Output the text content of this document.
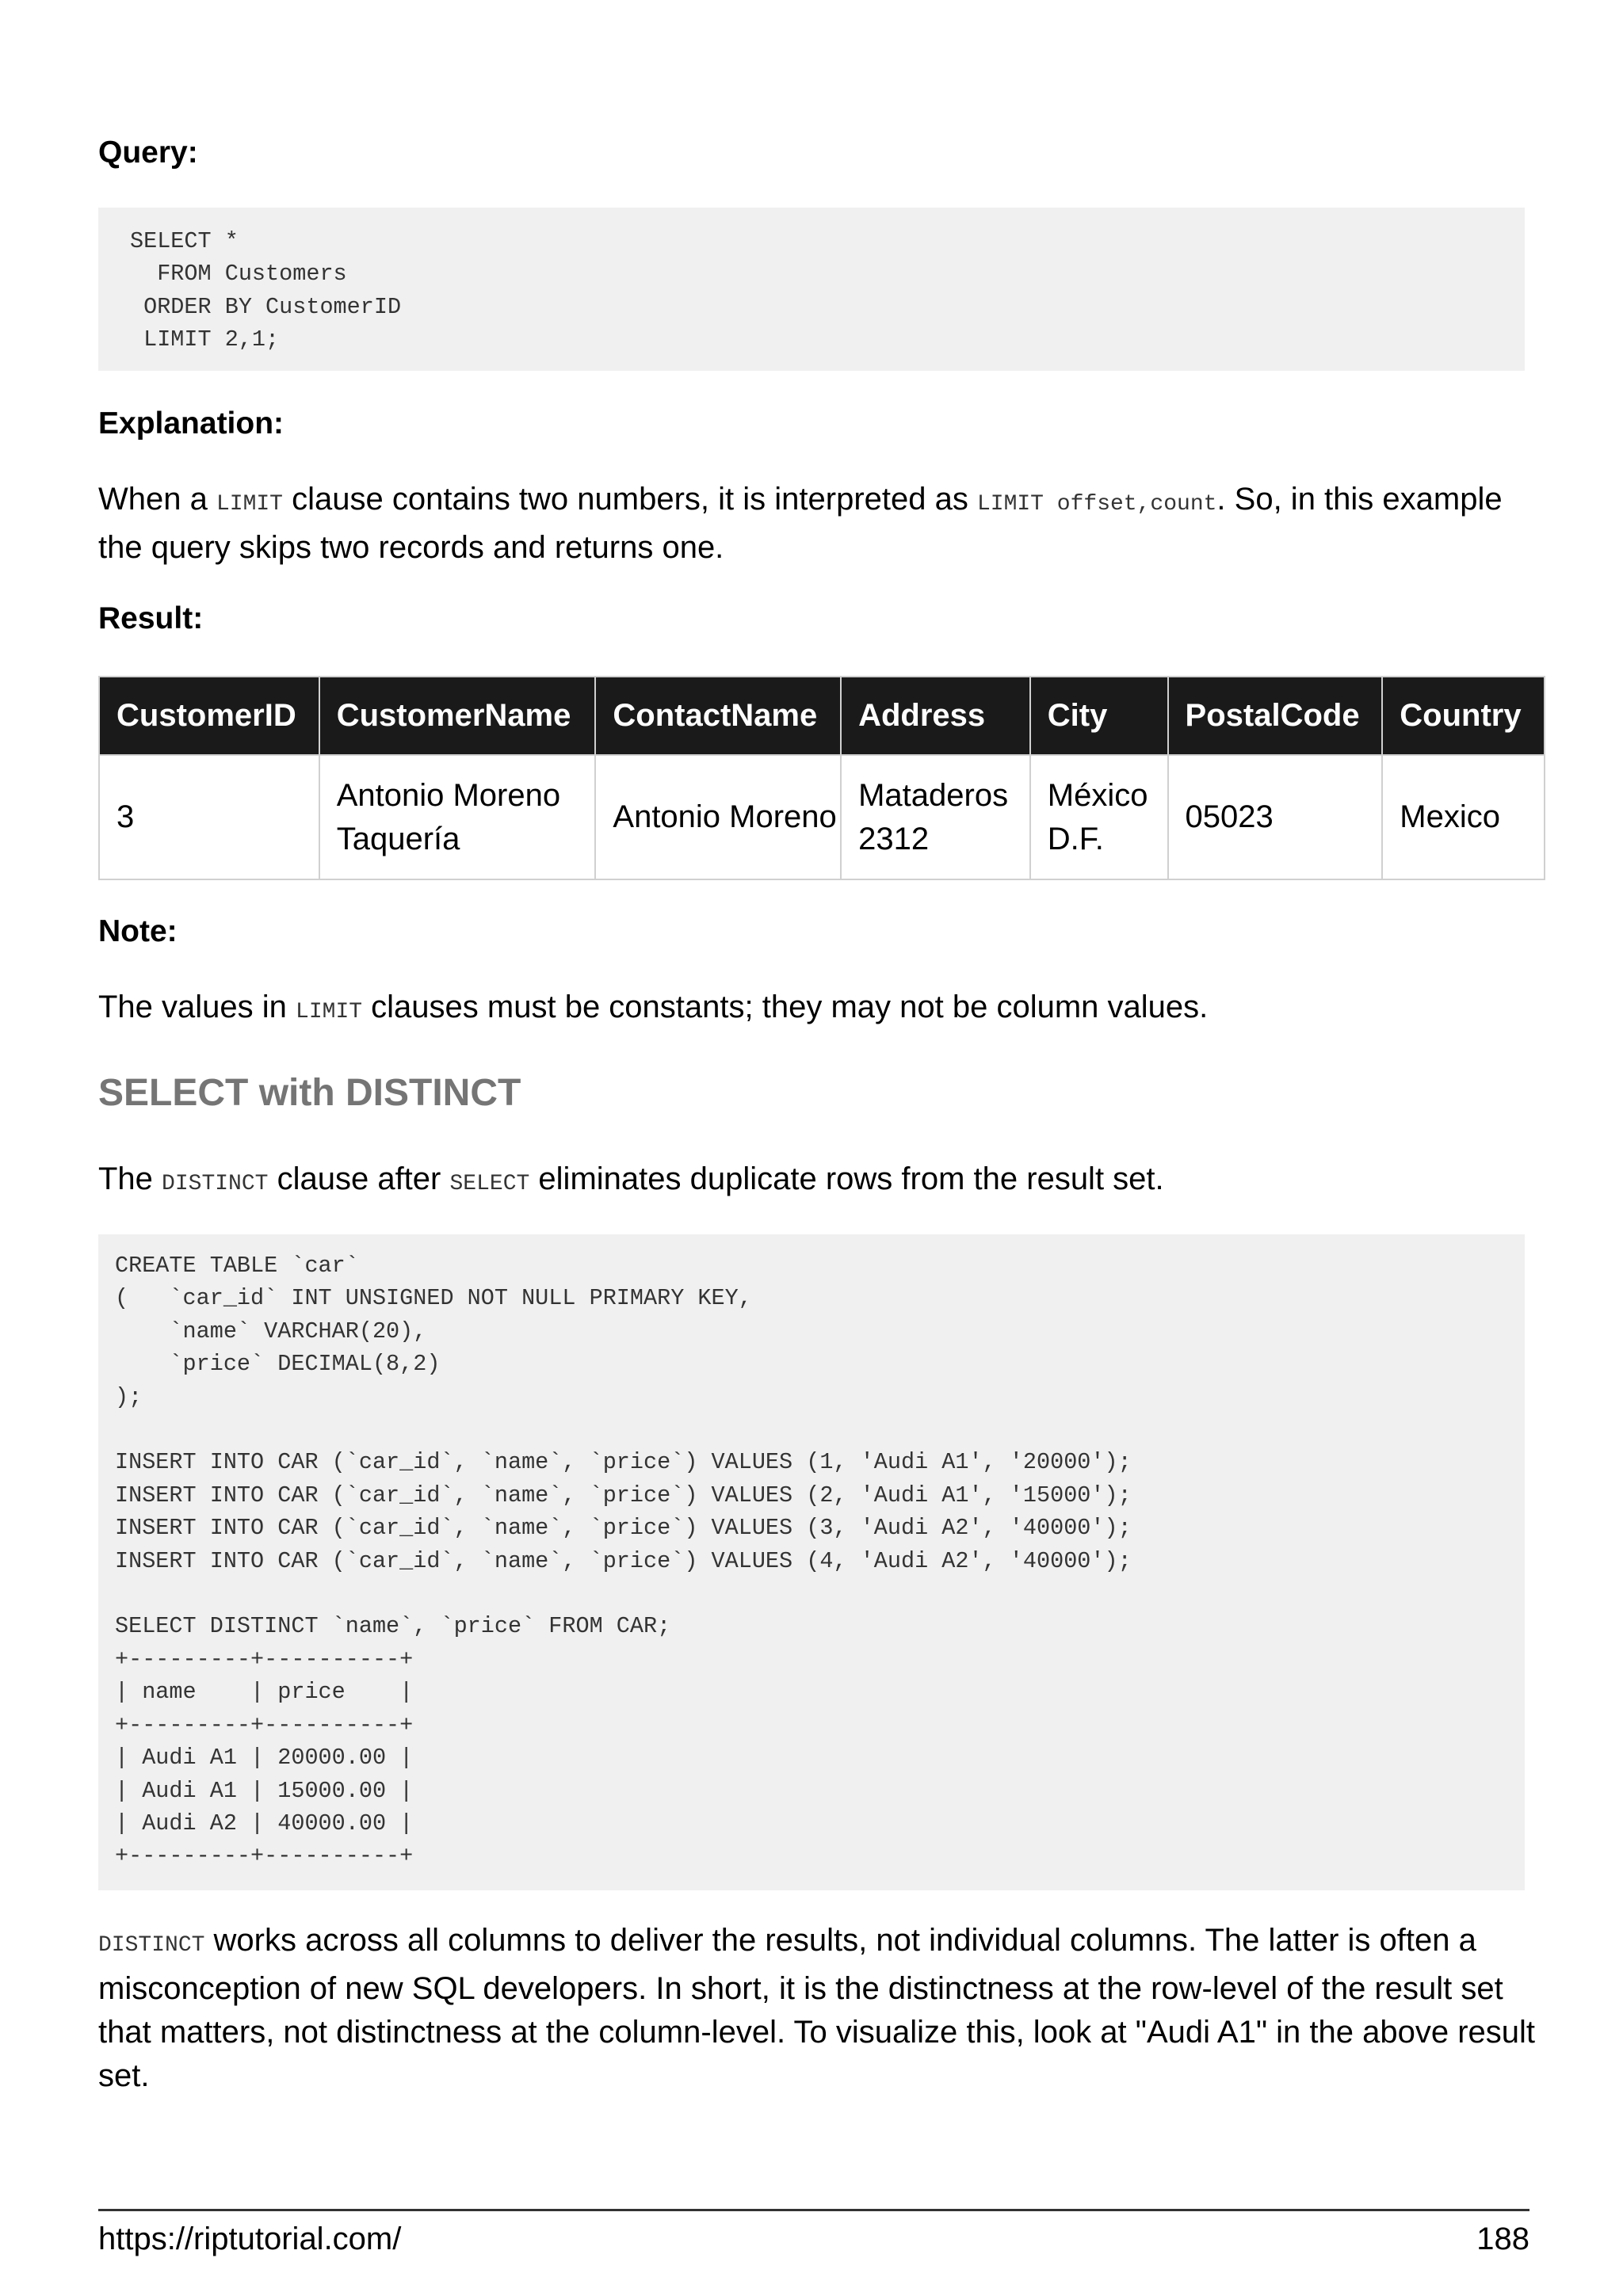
Query:
SELECT *
FROM Customers
ORDER BY CustomerID
LIMIT 2,1;
Explanation:

When a LIMIT clause contains two numbers, it is interpreted as LIMIT offset,count. So, in this example the query skips two records and returns one.

Result:
CustomerID	CustomerName	ContactName	Address	City	PostalCode	Country
3	Antonio Moreno Taquería	Antonio Moreno	Mataderos 2312	México D.F.	05023	Mexico
Note:

The values in LIMIT clauses must be constants; they may not be column values.

SELECT with DISTINCT

The DISTINCT clause after SELECT eliminates duplicate rows from the result set.

CREATE TABLE `car`
(   `car_id` INT UNSIGNED NOT NULL PRIMARY KEY,
`name` VARCHAR(20),
`price` DECIMAL(8,2)
);

INSERT INTO CAR (`car_id`, `name`, `price`) VALUES (1, 'Audi A1', '20000');
INSERT INTO CAR (`car_id`, `name`, `price`) VALUES (2, 'Audi A1', '15000');
INSERT INTO CAR (`car_id`, `name`, `price`) VALUES (3, 'Audi A2', '40000');
INSERT INTO CAR (`car_id`, `name`, `price`) VALUES (4, 'Audi A2', '40000');

SELECT DISTINCT `name`, `price` FROM CAR;
+---------+----------+
| name    | price    |
+---------+----------+
| Audi A1 | 20000.00 |
| Audi A1 | 15000.00 |
| Audi A2 | 40000.00 |
+---------+----------+

DISTINCT works across all columns to deliver the results, not individual columns. The latter is often a misconception of new SQL developers. In short, it is the distinctness at the row-level of the result set that matters, not distinctness at the column-level. To visualize this, look at "Audi A1" in the above result set.

https://riptutorial.com/	188
